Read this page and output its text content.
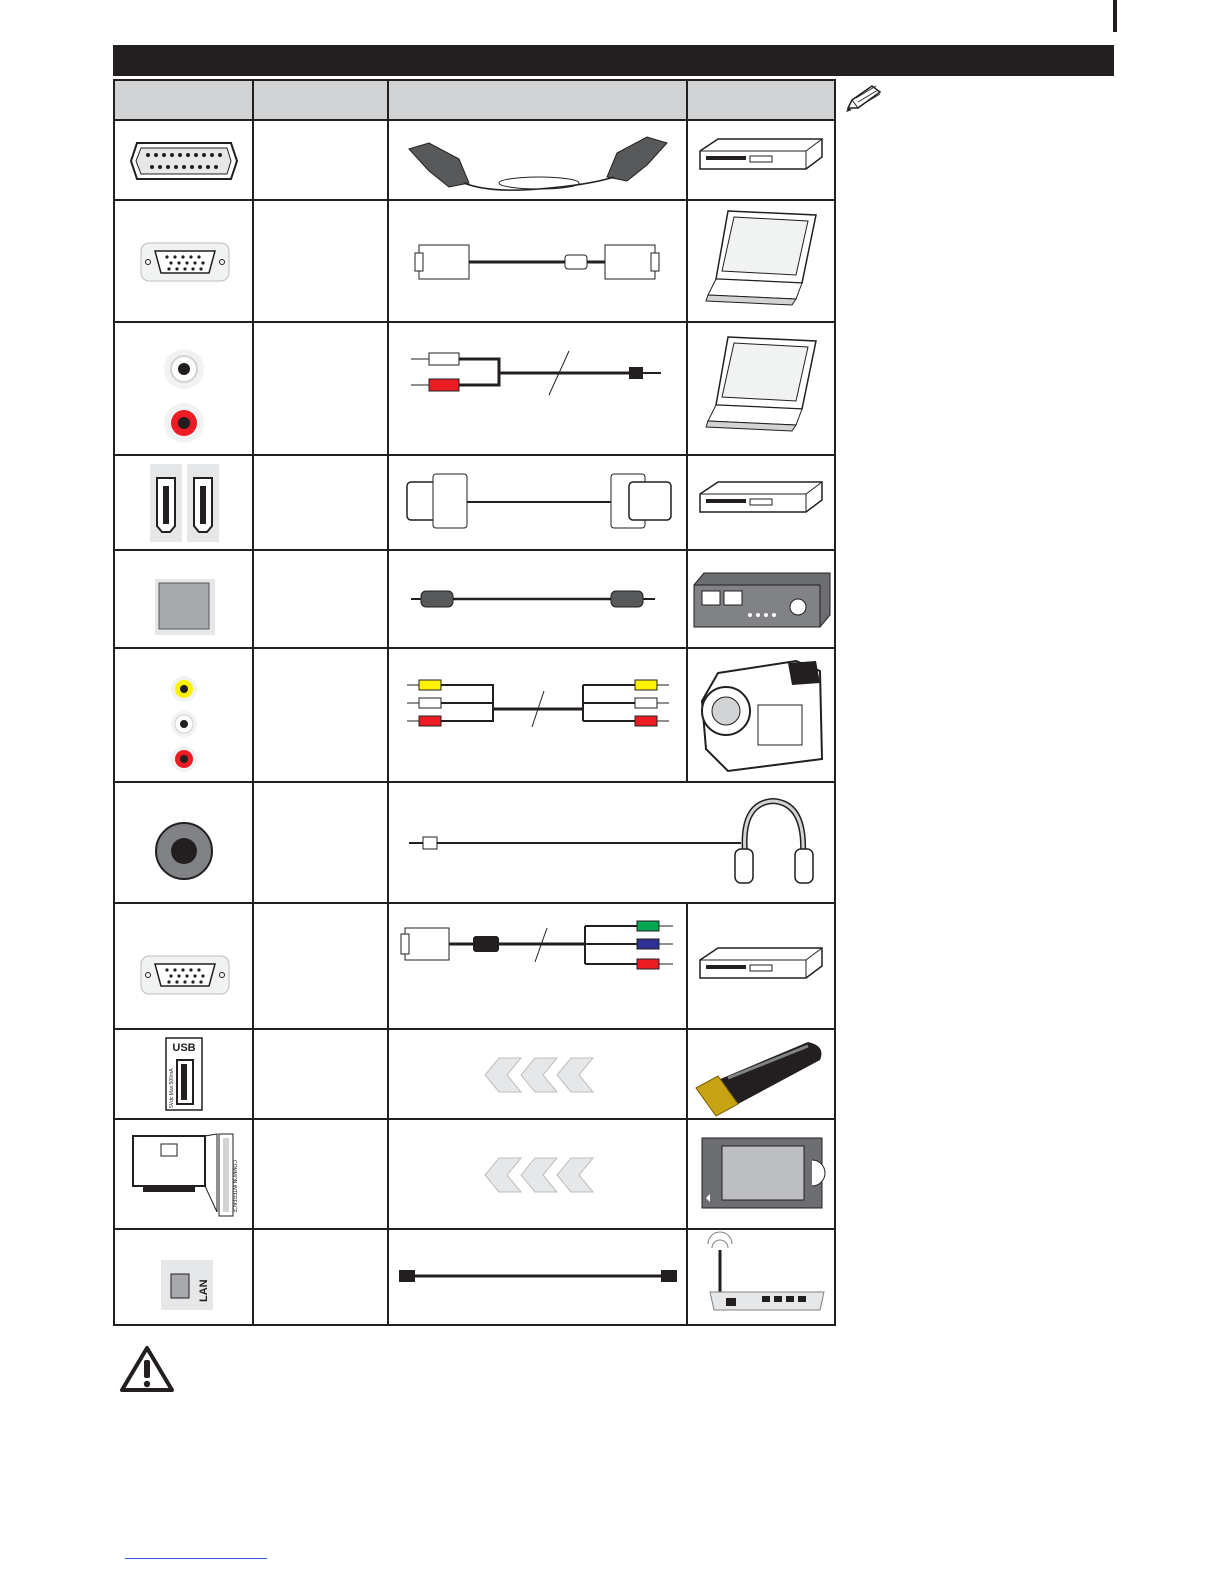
USB
5Vdc Max:500mA
COMMON INTERFACE
LAN
